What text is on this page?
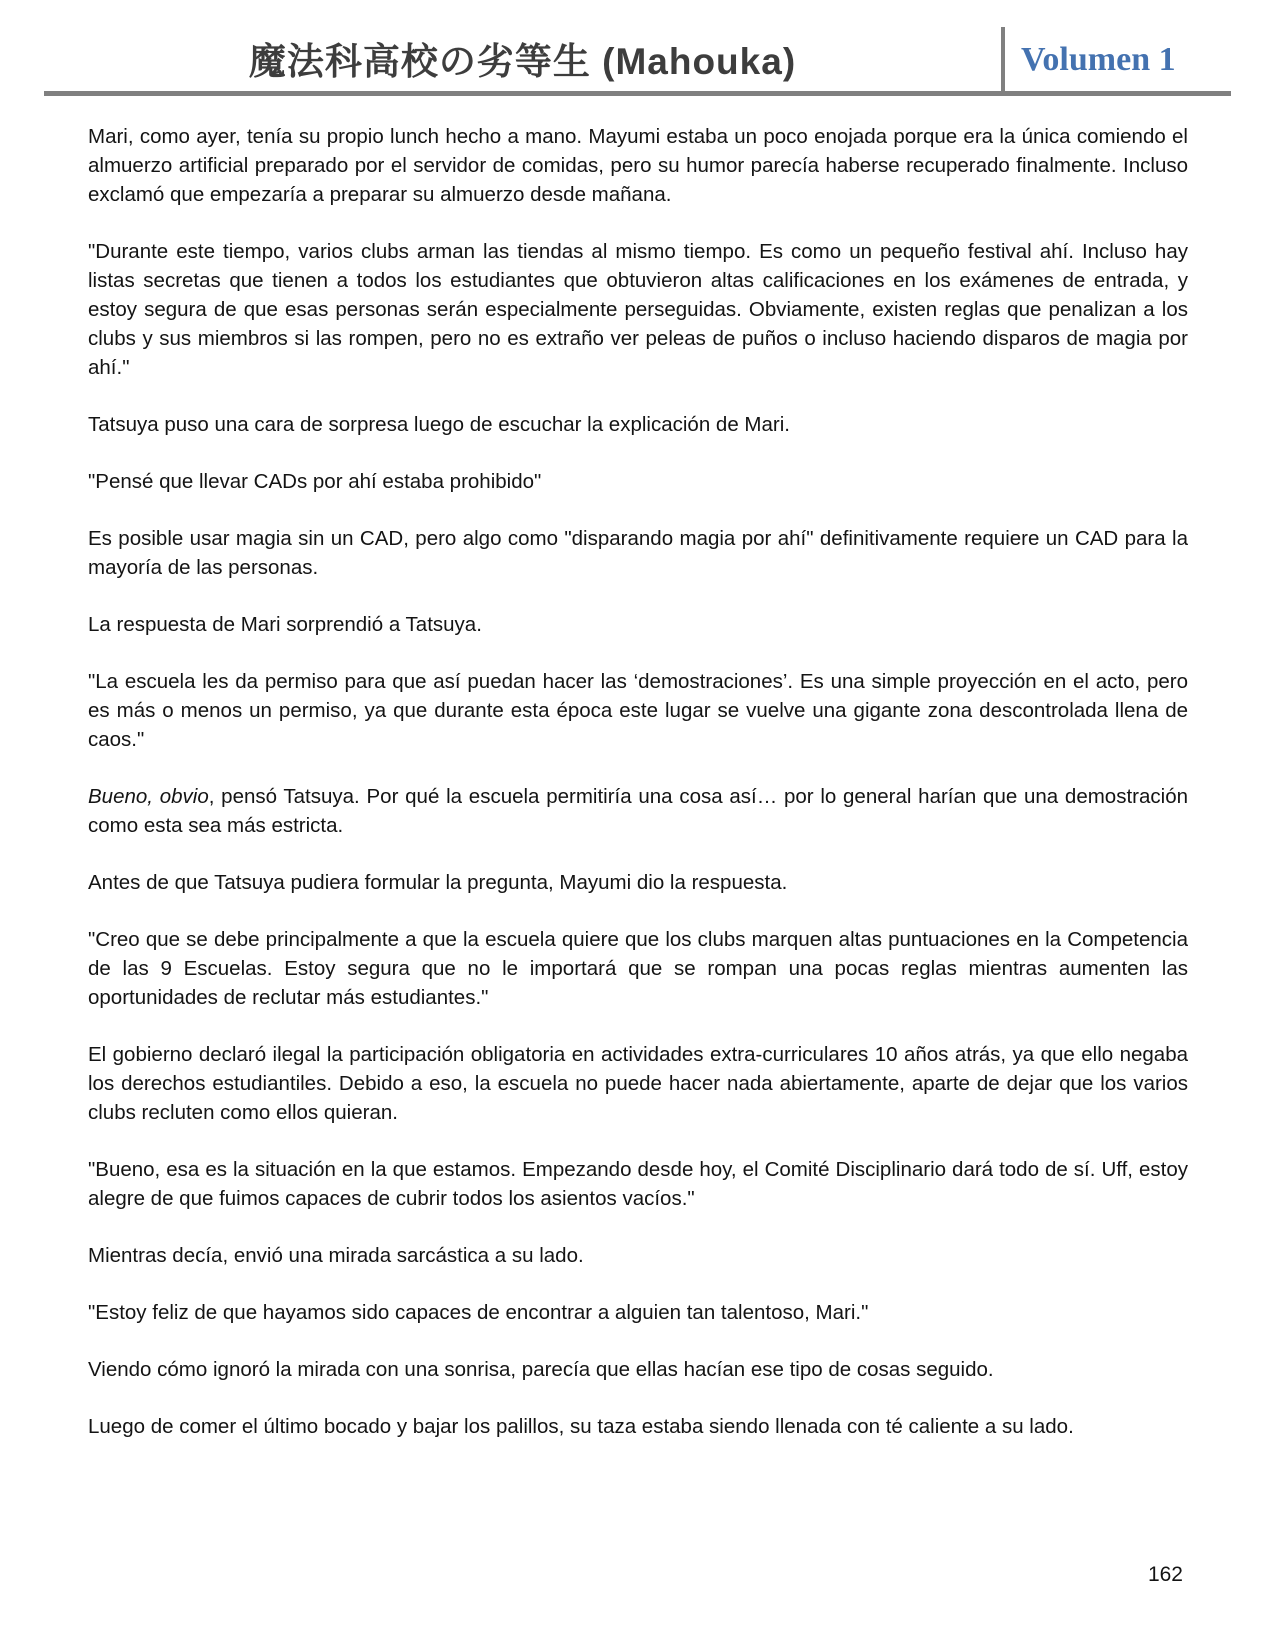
魔法科高校の劣等生 (Mahouka)	Volumen 1

Mari, como ayer, tenía su propio lunch hecho a mano. Mayumi estaba un poco enojada porque era la única comiendo el almuerzo artificial preparado por el servidor de comidas, pero su humor parecía haberse recuperado finalmente. Incluso exclamó que empezaría a preparar su almuerzo desde mañana.

"Durante este tiempo, varios clubs arman las tiendas al mismo tiempo. Es como un pequeño festival ahí. Incluso hay listas secretas que tienen a todos los estudiantes que obtuvieron altas calificaciones en los exámenes de entrada, y estoy segura de que esas personas serán especialmente perseguidas. Obviamente, existen reglas que penalizan a los clubs y sus miembros si las rompen, pero no es extraño ver peleas de puños o incluso haciendo disparos de magia por ahí."

Tatsuya puso una cara de sorpresa luego de escuchar la explicación de Mari.

"Pensé que llevar CADs por ahí estaba prohibido"

Es posible usar magia sin un CAD, pero algo como "disparando magia por ahí" definitivamente requiere un CAD para la mayoría de las personas.

La respuesta de Mari sorprendió a Tatsuya.

"La escuela les da permiso para que así puedan hacer las ‘demostraciones’. Es una simple proyección en el acto, pero es más o menos un permiso, ya que durante esta época este lugar se vuelve una gigante zona descontrolada llena de caos."

Bueno, obvio, pensó Tatsuya. Por qué la escuela permitiría una cosa así… por lo general harían que una demostración como esta sea más estricta.

Antes de que Tatsuya pudiera formular la pregunta, Mayumi dio la respuesta.

"Creo que se debe principalmente a que la escuela quiere que los clubs marquen altas puntuaciones en la Competencia de las 9 Escuelas. Estoy segura que no le importará que se rompan una pocas reglas mientras aumenten las oportunidades de reclutar más estudiantes."

El gobierno declaró ilegal la participación obligatoria en actividades extra-curriculares 10 años atrás, ya que ello negaba los derechos estudiantiles. Debido a eso, la escuela no puede hacer nada abiertamente, aparte de dejar que los varios clubs recluten como ellos quieran.

"Bueno, esa es la situación en la que estamos. Empezando desde hoy, el Comité Disciplinario dará todo de sí. Uff, estoy alegre de que fuimos capaces de cubrir todos los asientos vacíos."

Mientras decía, envió una mirada sarcástica a su lado.

"Estoy feliz de que hayamos sido capaces de encontrar a alguien tan talentoso, Mari."

Viendo cómo ignoró la mirada con una sonrisa, parecía que ellas hacían ese tipo de cosas seguido.

Luego de comer el último bocado y bajar los palillos, su taza estaba siendo llenada con té caliente a su lado.

162
